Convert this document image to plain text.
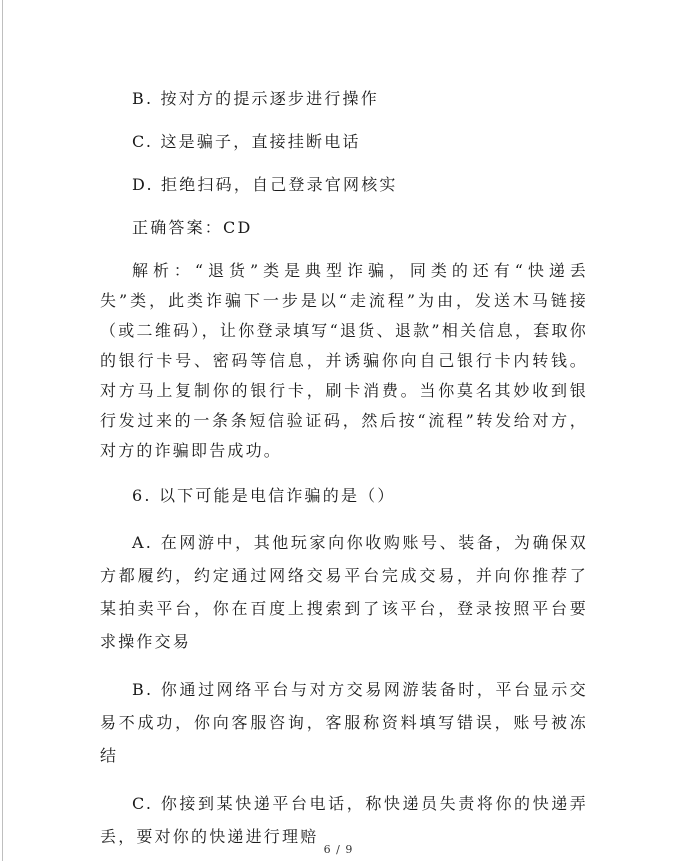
B. 按对方的提示逐步进行操作

C. 这是骗子，直接挂断电话

D. 拒绝扫码，自己登录官网核实

正确答案：CD

解析：“退货”类是典型诈骗，同类的还有“快递丢失”类，此类诈骗下一步是以“走流程”为由，发送木马链接（或二维码），让你登录填写“退货、退款”相关信息，套取你的银行卡号、密码等信息，并诱骗你向自己银行卡内转钱。对方马上复制你的银行卡，刷卡消费。当你莫名其妙收到银行发过来的一条条短信验证码，然后按“流程”转发给对方，对方的诈骗即告成功。

6. 以下可能是电信诈骗的是（）

A. 在网游中，其他玩家向你收购账号、装备，为确保双方都履约，约定通过网络交易平台完成交易，并向你推荐了某拍卖平台，你在百度上搜索到了该平台，登录按照平台要求操作交易

B. 你通过网络平台与对方交易网游装备时，平台显示交易不成功，你向客服咨询，客服称资料填写错误，账号被冻结

C. 你接到某快递平台电话，称快递员失责将你的快递弄丢，要对你的快递进行理赔

6 / 9
